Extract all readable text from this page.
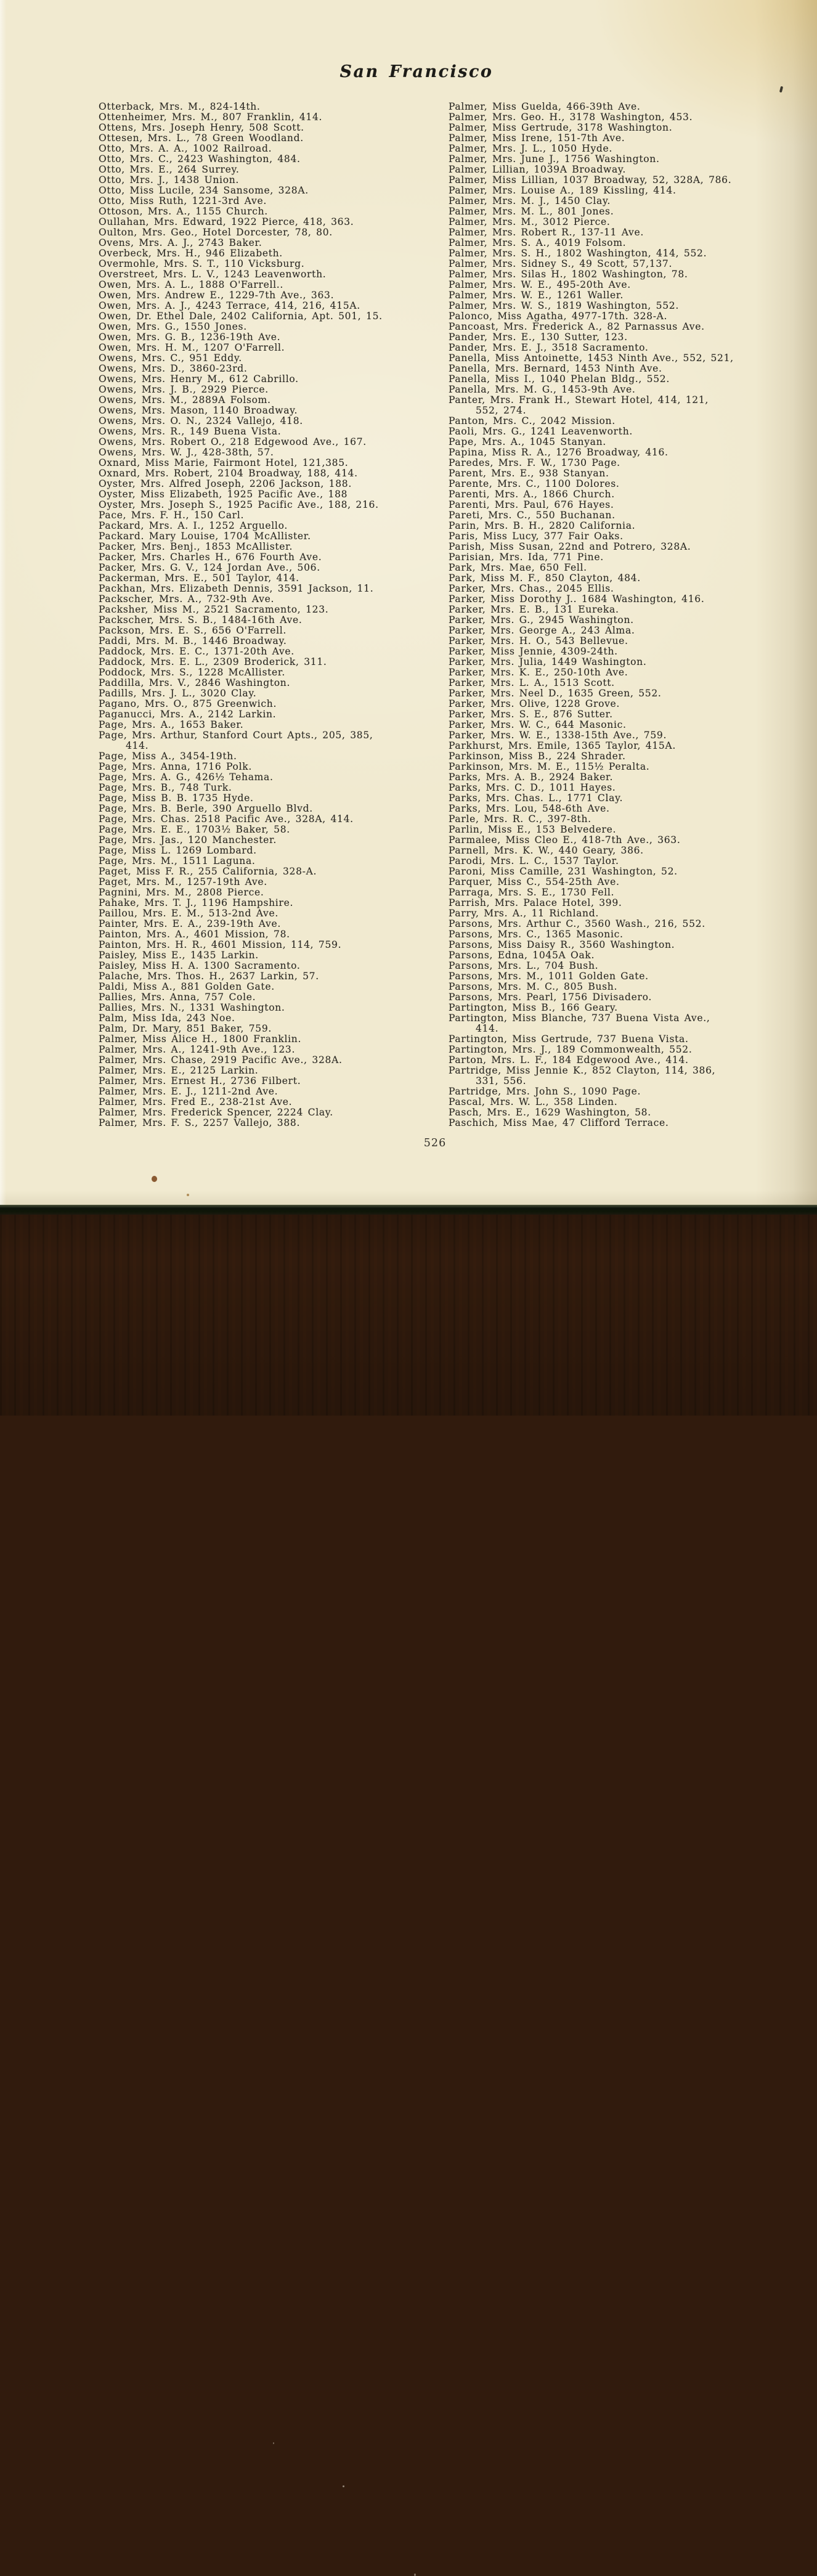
San Francisco
Otterback, Mrs. M., 824-14th.
Ottenheimer, Mrs. M., 807 Franklin, 414.
Ottens, Mrs. Joseph Henry, 508 Scott.
Ottesen, Mrs. L., 78 Green Woodland.
Otto, Mrs. A. A., 1002 Railroad.
Otto, Mrs. C., 2423 Washington, 484.
Otto, Mrs. E., 264 Surrey.
Otto, Mrs. J., 1438 Union.
Otto, Miss Lucile, 234 Sansome, 328A.
Otto, Miss Ruth, 1221-3rd Ave.
Ottoson, Mrs. A., 1155 Church.
Oullahan, Mrs. Edward, 1922 Pierce, 418, 363.
Oulton, Mrs. Geo., Hotel Dorcester, 78, 80.
Ovens, Mrs. A. J., 2743 Baker.
Overbeck, Mrs. H., 946 Elizabeth.
Overmohle, Mrs. S. T., 110 Vicksburg.
Overstreet, Mrs. L. V., 1243 Leavenworth.
Owen, Mrs. A. L., 1888 O'Farrell..
Owen, Mrs. Andrew E., 1229-7th Ave., 363.
Owen, Mrs. A. J., 4243 Terrace, 414, 216, 415A.
Owen, Dr. Ethel Dale, 2402 California, Apt. 501, 15.
Owen, Mrs. G., 1550 Jones.
Owen, Mrs. G. B., 1236-19th Ave.
Owen, Mrs. H. M., 1207 O'Farrell.
Owens, Mrs. C., 951 Eddy.
Owens, Mrs. D., 3860-23rd.
Owens, Mrs. Henry M., 612 Cabrillo.
Owens, Mrs. J. B., 2929 Pierce.
Owens, Mrs. M., 2889A Folsom.
Owens, Mrs. Mason, 1140 Broadway.
Owens, Mrs. O. N., 2324 Vallejo, 418.
Owens, Mrs. R., 149 Buena Vista.
Owens, Mrs. Robert O., 218 Edgewood Ave., 167.
Owens, Mrs. W. J., 428-38th, 57.
Oxnard, Miss Marie, Fairmont Hotel, 121,385.
Oxnard, Mrs. Robert, 2104 Broadway, 188, 414.
Oyster, Mrs. Alfred Joseph, 2206 Jackson, 188.
Oyster, Miss Elizabeth, 1925 Pacific Ave., 188
Oyster, Mrs. Joseph S., 1925 Pacific Ave., 188, 216.
Pace, Mrs. F. H., 150 Carl.
Packard, Mrs. A. I., 1252 Arguello.
Packard. Mary Louise, 1704 McAllister.
Packer, Mrs. Benj., 1853 McAllister.
Packer, Mrs. Charles H., 676 Fourth Ave.
Packer, Mrs. G. V., 124 Jordan Ave., 506.
Packerman, Mrs. E., 501 Taylor, 414.
Packhan, Mrs. Elizabeth Dennis, 3591 Jackson, 11.
Packscher, Mrs. A., 732-9th Ave.
Packsher, Miss M., 2521 Sacramento, 123.
Packscher, Mrs. S. B., 1484-16th Ave.
Packson, Mrs. E. S., 656 O'Farrell.
Paddi, Mrs. M. B., 1446 Broadway.
Paddock, Mrs. E. C., 1371-20th Ave.
Paddock, Mrs. E. L., 2309 Broderick, 311.
Poddock, Mrs. S., 1228 McAllister.
Paddilla, Mrs. V., 2846 Washington.
Padills, Mrs. J. L., 3020 Clay.
Pagano, Mrs. O., 875 Greenwich.
Paganucci, Mrs. A., 2142 Larkin.
Page, Mrs. A., 1653 Baker.
Page, Mrs. Arthur, Stanford Court Apts., 205, 385,
414.
Page, Miss A., 3454-19th.
Page, Mrs. Anna, 1716 Polk.
Page, Mrs. A. G., 426½ Tehama.
Page, Mrs. B., 748 Turk.
Page, Miss B. B. 1735 Hyde.
Page, Mrs. B. Berle, 390 Arguello Blvd.
Page, Mrs. Chas. 2518 Pacific Ave., 328A, 414.
Page, Mrs. E. E., 1703½ Baker, 58.
Page, Mrs. Jas., 120 Manchester.
Page, Miss L. 1269 Lombard.
Page, Mrs. M., 1511 Laguna.
Paget, Miss F. R., 255 California, 328-A.
Paget, Mrs. M., 1257-19th Ave.
Pagnini, Mrs. M., 2808 Pierce.
Pahake, Mrs. T. J., 1196 Hampshire.
Paillou, Mrs. E. M., 513-2nd Ave.
Painter, Mrs. E. A., 239-19th Ave.
Painton, Mrs. A., 4601 Mission, 78.
Painton, Mrs. H. R., 4601 Mission, 114, 759.
Paisley, Miss E., 1435 Larkin.
Paisley, Miss H. A. 1300 Sacramento.
Palache, Mrs. Thos. H., 2637 Larkin, 57.
Paldi, Miss A., 881 Golden Gate.
Pallies, Mrs. Anna, 757 Cole.
Pallies, Mrs. N., 1331 Washington.
Palm, Miss Ida, 243 Noe.
Palm, Dr. Mary, 851 Baker, 759.
Palmer, Miss Alice H., 1800 Franklin.
Palmer, Mrs. A., 1241-9th Ave., 123.
Palmer, Mrs. Chase, 2919 Pacific Ave., 328A.
Palmer, Mrs. E., 2125 Larkin.
Palmer, Mrs. Ernest H., 2736 Filbert.
Palmer, Mrs. E. J., 1211-2nd Ave.
Palmer, Mrs. Fred E., 238-21st Ave.
Palmer, Mrs. Frederick Spencer, 2224 Clay.
Palmer, Mrs. F. S., 2257 Vallejo, 388.
Palmer, Miss Guelda, 466-39th Ave.
Palmer, Mrs. Geo. H., 3178 Washington, 453.
Palmer, Miss Gertrude, 3178 Washington.
Palmer, Miss Irene, 151-7th Ave.
Palmer, Mrs. J. L., 1050 Hyde.
Palmer, Mrs. June J., 1756 Washington.
Palmer, Lillian, 1039A Broadway.
Palmer, Miss Lillian, 1037 Broadway, 52, 328A, 786.
Palmer, Mrs. Louise A., 189 Kissling, 414.
Palmer, Mrs. M. J., 1450 Clay.
Palmer, Mrs. M. L., 801 Jones.
Palmer, Mrs. M., 3012 Pierce.
Palmer, Mrs. Robert R., 137-11 Ave.
Palmer, Mrs. S. A., 4019 Folsom.
Palmer, Mrs. S. H., 1802 Washington, 414, 552.
Palmer, Mrs. Sidney S., 49 Scott, 57,137.
Palmer, Mrs. Silas H., 1802 Washington, 78.
Palmer, Mrs. W. E., 495-20th Ave.
Palmer, Mrs. W. E., 1261 Waller.
Palmer, Mrs. W. S., 1819 Washington, 552.
Palonco, Miss Agatha, 4977-17th. 328-A.
Pancoast, Mrs. Frederick A., 82 Parnassus Ave.
Pander, Mrs. E., 130 Sutter, 123.
Pander, Mrs. E. J., 3518 Sacramento.
Panella, Miss Antoinette, 1453 Ninth Ave., 552, 521,
Panella, Mrs. Bernard, 1453 Ninth Ave.
Panella, Miss I., 1040 Phelan Bldg., 552.
Panella, Mrs. M. G., 1453-9th Ave.
Panter, Mrs. Frank H., Stewart Hotel, 414, 121,
552, 274.
Panton, Mrs. C., 2042 Mission.
Paoli, Mrs. G., 1241 Leavenworth.
Pape, Mrs. A., 1045 Stanyan.
Papina, Miss R. A., 1276 Broadway, 416.
Paredes, Mrs. F. W., 1730 Page.
Parent, Mrs. E., 938 Stanyan.
Parente, Mrs. C., 1100 Dolores.
Parenti, Mrs. A., 1866 Church.
Parenti, Mrs. Paul, 676 Hayes.
Pareti, Mrs. C., 550 Buchanan.
Parin, Mrs. B. H., 2820 California.
Paris, Miss Lucy, 377 Fair Oaks.
Parish, Miss Susan, 22nd and Potrero, 328A.
Parisian, Mrs. Ida, 771 Pine.
Park, Mrs. Mae, 650 Fell.
Park, Miss M. F., 850 Clayton, 484.
Parker, Mrs. Chas., 2045 Ellis.
Parker, Miss Dorothy J.. 1684 Washington, 416.
Parker, Mrs. E. B., 131 Eureka.
Parker, Mrs. G., 2945 Washington.
Parker, Mrs. George A., 243 Alma.
Parker, Mrs. H. O., 543 Bellevue.
Parker, Miss Jennie, 4309-24th.
Parker, Mrs. Julia, 1449 Washington.
Parker, Mrs. K. E., 250-10th Ave.
Parker, Mrs. L. A., 1513 Scott.
Parker, Mrs. Neel D., 1635 Green, 552.
Parker, Mrs. Olive, 1228 Grove.
Parker, Mrs. S. E., 876 Sutter.
Parker, Mrs. W. C., 644 Masonic.
Parker, Mrs. W. E., 1338-15th Ave., 759.
Parkhurst, Mrs. Emile, 1365 Taylor, 415A.
Parkinson, Miss B., 224 Shrader.
Parkinson, Mrs. M. E., 115½ Peralta.
Parks, Mrs. A. B., 2924 Baker.
Parks, Mrs. C. D., 1011 Hayes.
Parks, Mrs. Chas. L., 1771 Clay.
Parks, Mrs. Lou, 548-6th Ave.
Parle, Mrs. R. C., 397-8th.
Parlin, Miss E., 153 Belvedere.
Parmalee, Miss Cleo E., 418-7th Ave., 363.
Parnell, Mrs. K. W., 440 Geary, 386.
Parodi, Mrs. L. C., 1537 Taylor.
Paroni, Miss Camille, 231 Washington, 52.
Parquer, Miss C., 554-25th Ave.
Parraga, Mrs. S. E., 1730 Fell.
Parrish, Mrs. Palace Hotel, 399.
Parry, Mrs. A., 11 Richland.
Parsons, Mrs. Arthur C., 3560 Wash., 216, 552.
Parsons, Mrs. C., 1365 Masonic.
Parsons, Miss Daisy R., 3560 Washington.
Parsons, Edna, 1045A Oak.
Parsons, Mrs. L., 704 Bush.
Parsons, Mrs. M., 1011 Golden Gate.
Parsons, Mrs. M. C., 805 Bush.
Parsons, Mrs. Pearl, 1756 Divisadero.
Partington, Miss B., 166 Geary.
Partington, Miss Blanche, 737 Buena Vista Ave.,
414.
Partington, Miss Gertrude, 737 Buena Vista.
Partington, Mrs. J., 189 Commonwealth, 552.
Parton, Mrs. L. F., 184 Edgewood Ave., 414.
Partridge, Miss Jennie K., 852 Clayton, 114, 386,
331, 556.
Partridge, Mrs. John S., 1090 Page.
Pascal, Mrs. W. L., 358 Linden.
Pasch, Mrs. E., 1629 Washington, 58.
Paschich, Miss Mae, 47 Clifford Terrace.
526
